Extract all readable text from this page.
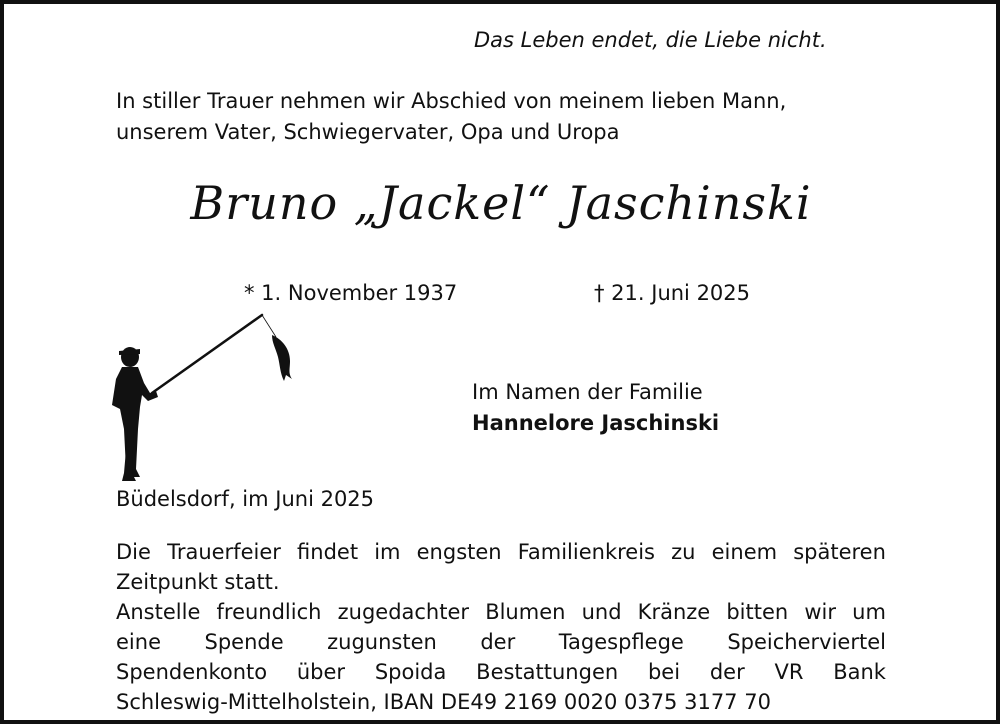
Das Leben endet, die Liebe nicht.
In stiller Trauer nehmen wir Abschied von meinem lieben Mann,
unserem Vater, Schwiegervater, Opa und Uropa
Bruno „Jackel“ Jaschinski
* 1. November 1937	† 21. Juni 2025
Im Namen der Familie
Hannelore Jaschinski
Büdelsdorf, im Juni 2025
Die Trauerfeier findet im engsten Familienkreis zu einem späteren
Zeitpunkt statt.
Anstelle freundlich zugedachter Blumen und Kränze bitten wir um
eine Spende zugunsten der Tagespflege Speicherviertel
Spendenkonto über Spoida Bestattungen bei der VR Bank
Schleswig-Mittelholstein, IBAN DE49 2169 0020 0375 3177 70
